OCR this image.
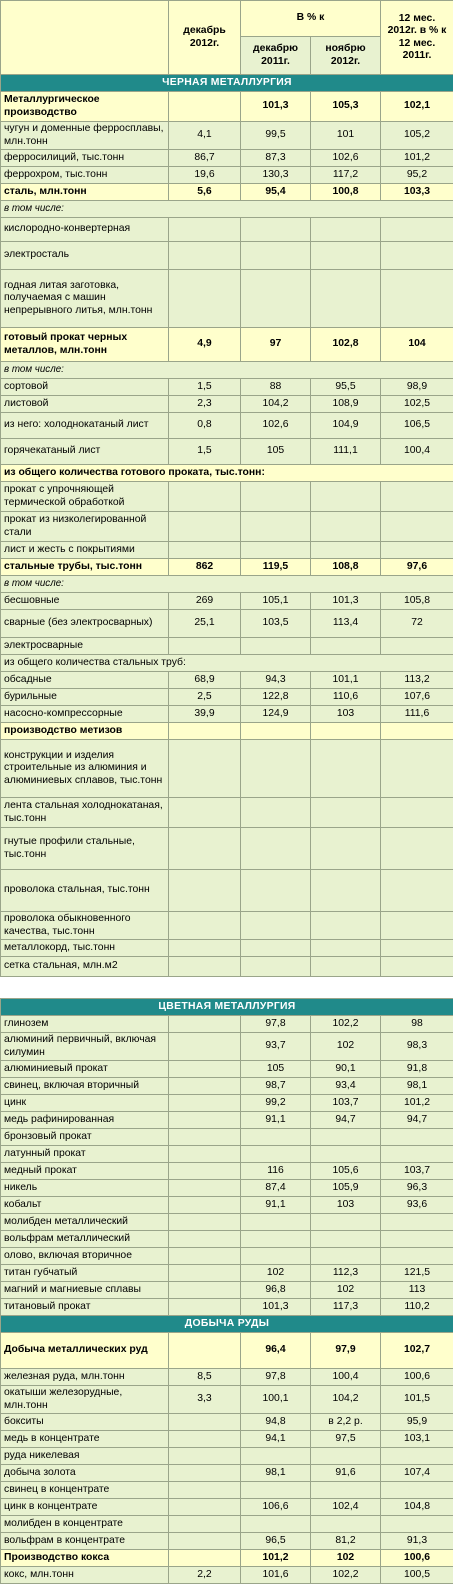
	декабрь 2012г.	В % к		12 мес. 2012г. в % к 12 мес. 2011г.
		декабрю 2011г.	ноябрю 2012г.	
ЧЕРНАЯ МЕТАЛЛУРГИЯ				
Металлургическое производство		101,3	105,3	102,1
чугун и доменные ферросплавы, млн.тонн	4,1	99,5	101	105,2
ферросилиций, тыс.тонн	86,7	87,3	102,6	101,2
феррохром, тыс.тонн	19,6	130,3	117,2	95,2
сталь, млн.тонн	5,6	95,4	100,8	103,3
в том числе:				
кислородно-конвертерная				
электросталь				
годная литая заготовка, получаемая с машин непрерывного литья, млн.тонн				
готовый прокат черных металлов, млн.тонн	4,9	97	102,8	104
в том числе:				
сортовой	1,5	88	95,5	98,9
листовой	2,3	104,2	108,9	102,5
из него: холоднокатаный лист	0,8	102,6	104,9	106,5
горячекатаный лист	1,5	105	111,1	100,4
из общего количества готового проката, тыс.тонн:				
прокат с упрочняющей термической обработкой				
прокат из низколегированной стали				
лист и жесть с покрытиями				
стальные трубы, тыс.тонн	862	119,5	108,8	97,6
в том числе:				
бесшовные	269	105,1	101,3	105,8
сварные (без электросварных)	25,1	103,5	113,4	72
электросварные				
из общего количества стальных труб:				
обсадные	68,9	94,3	101,1	113,2
бурильные	2,5	122,8	110,6	107,6
насосно-компрессорные	39,9	124,9	103	111,6
производство метизов				
конструкции и изделия строительные из алюминия и алюминиевых сплавов, тыс.тонн				
лента стальная холоднокатаная, тыс.тонн				
гнутые профили стальные, тыс.тонн				
проволока стальная, тыс.тонн				
проволока обыкновенного качества, тыс.тонн				
металлокорд, тыс.тонн				
сетка стальная, млн.м2				

ЦВЕТНАЯ МЕТАЛЛУРГИЯ				
глинозем		97,8	102,2	98
алюминий первичный, включая силумин		93,7	102	98,3
алюминиевый прокат		105	90,1	91,8
свинец, включая вторичный		98,7	93,4	98,1
цинк		99,2	103,7	101,2
медь рафинированная		91,1	94,7	94,7
бронзовый прокат				
латунный прокат				
медный прокат		116	105,6	103,7
никель		87,4	105,9	96,3
кобальт		91,1	103	93,6
молибден металлический				
вольфрам металлический				
олово, включая вторичное				
титан губчатый		102	112,3	121,5
магний и магниевые сплавы		96,8	102	113
титановый прокат		101,3	117,3	110,2
ДОБЫЧА РУДЫ				
Добыча металлических руд		96,4	97,9	102,7
железная руда, млн.тонн	8,5	97,8	100,4	100,6
окатыши железорудные, млн.тонн	3,3	100,1	104,2	101,5
бокситы		94,8	в 2,2 р.	95,9
медь в концентрате		94,1	97,5	103,1
руда никелевая				
добыча золота		98,1	91,6	107,4
свинец в концентрате				
цинк в концентрате		106,6	102,4	104,8
молибден в концентрате				
вольфрам в концентрате		96,5	81,2	91,3
Производство кокса		101,2	102	100,6
кокс, млн.тонн	2,2	101,6	102,2	100,5
